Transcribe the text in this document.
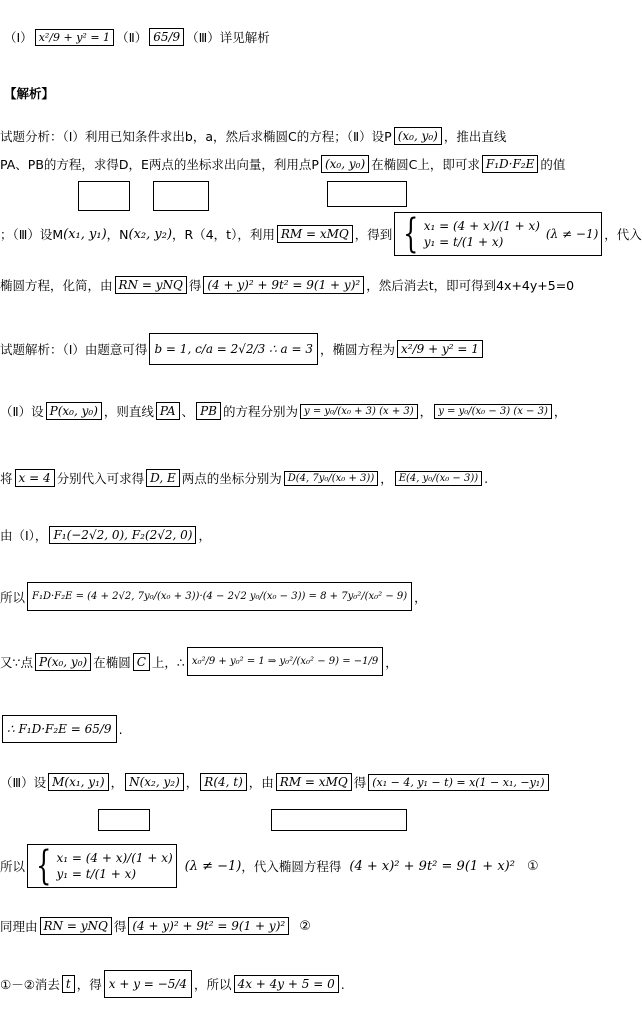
（Ⅰ） x²/9 + y² = 1 （Ⅱ） 65/9 （Ⅲ）详见解析
【解析】
试题分析：（Ⅰ）利用已知条件求出b，a，然后求椭圆C的方程；（Ⅱ）设P (x₀, y₀) ，推出直线
PA、PB的方程，求得D，E两点的坐标求出向量，利用点P (x₀, y₀) 在椭圆C上，即可求 F₁D·F₂E 的值
；（Ⅲ）设M (x₁, y₁) ，N (x₂, y₂) ，R（4，t），利用 RM = xMQ ，得到 { x₁ = (4 + x)/(1 + x)
y₁ = t/(1 + x)
(λ ≠ −1) ，代入
椭圆方程，化简，由 RN = yNQ 得 (4 + y)² + 9t² = 9(1 + y)² ，然后消去t，即可得到4x+4y+5=0
试题解析：（Ⅰ）由题意可得 b = 1, c/a = 2√2/3 ∴ a = 3 ，椭圆方程为 x²/9 + y² = 1
（Ⅱ）设 P(x₀, y₀) ，则直线 PA 、 PB 的方程分别为 y = y₀/(x₀ + 3) (x + 3) ， y = y₀/(x₀ − 3) (x − 3) ，
将 x = 4 分别代入可求得 D, E 两点的坐标分别为 D(4, 7y₀/(x₀ + 3)) ， E(4, y₀/(x₀ − 3)) .
由（Ⅰ）， F₁(−2√2, 0), F₂(2√2, 0) ，
所以 F₁D·F₂E = (4 + 2√2, 7y₀/(x₀ + 3))·(4 − 2√2 y₀/(x₀ − 3)) = 8 + 7y₀²/(x₀² − 9) ，
又∵点 P(x₀, y₀) 在椭圆 C 上，∴ x₀²/9 + y₀² = 1 ⇒ y₀²/(x₀² − 9) = −1/9 ，
∴ F₁D·F₂E = 65/9 .
（Ⅲ）设 M(x₁, y₁) ， N(x₂, y₂) ， R(4, t) ，由 RM = xMQ 得 (x₁ − 4, y₁ − t) = x(1 − x₁, −y₁)
所以 { x₁ = (4 + x)/(1 + x)
y₁ = t/(1 + x)
(λ ≠ −1) ，代入椭圆方程得 (4 + x)² + 9t² = 9(1 + x)² ①
同理由 RN = yNQ 得 (4 + y)² + 9t² = 9(1 + y)²	②
①－②消去 t ，得 x + y = −5/4 ，所以 4x + 4y + 5 = 0 .
